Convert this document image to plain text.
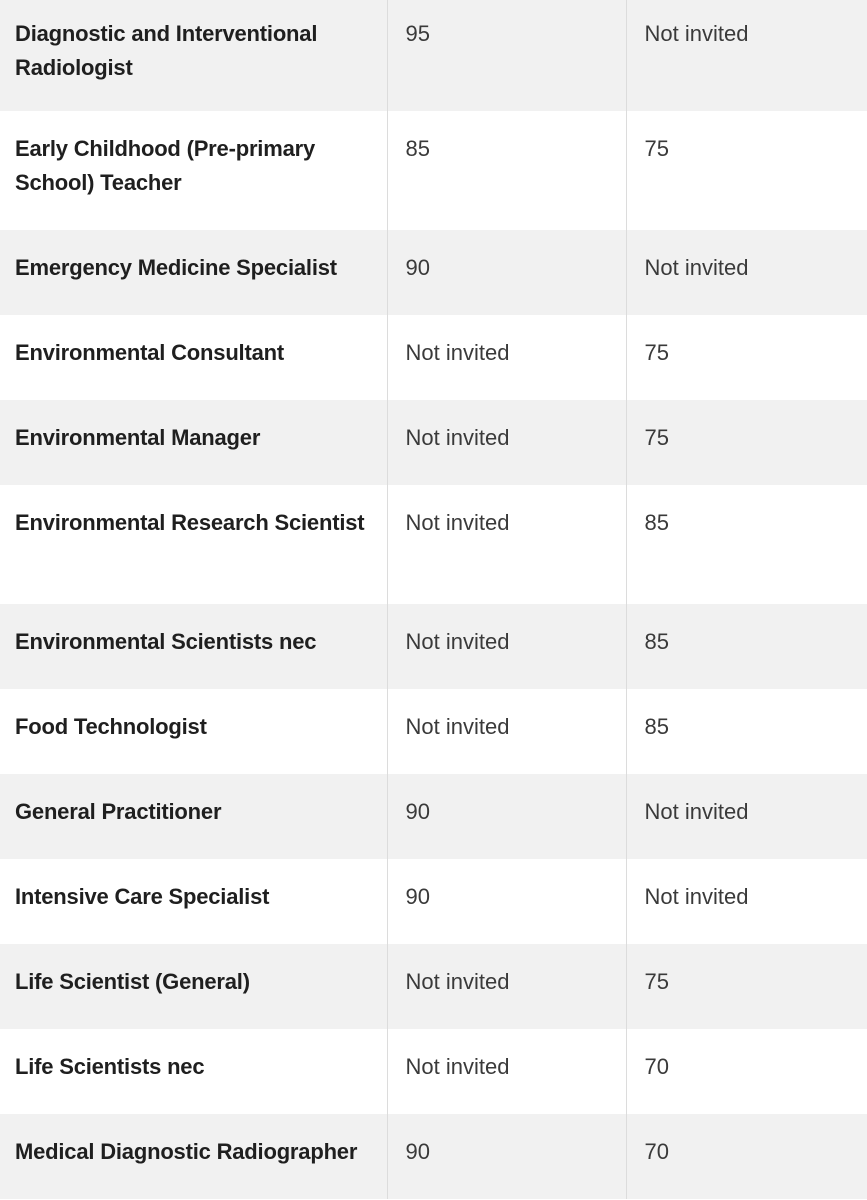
Diagnostic and Interventional Radiologist	95	Not invited
Early Childhood (Pre-primary School) Teacher	85	75
Emergency Medicine Specialist	90	Not invited
Environmental Consultant	Not invited	75
Environmental Manager	Not invited	75
Environmental Research Scientist	Not invited	85
Environmental Scientists nec	Not invited	85
Food Technologist	Not invited	85
General Practitioner	90	Not invited
Intensive Care Specialist	90	Not invited
Life Scientist (General)	Not invited	75
Life Scientists nec	Not invited	70
Medical Diagnostic Radiographer	90	70
